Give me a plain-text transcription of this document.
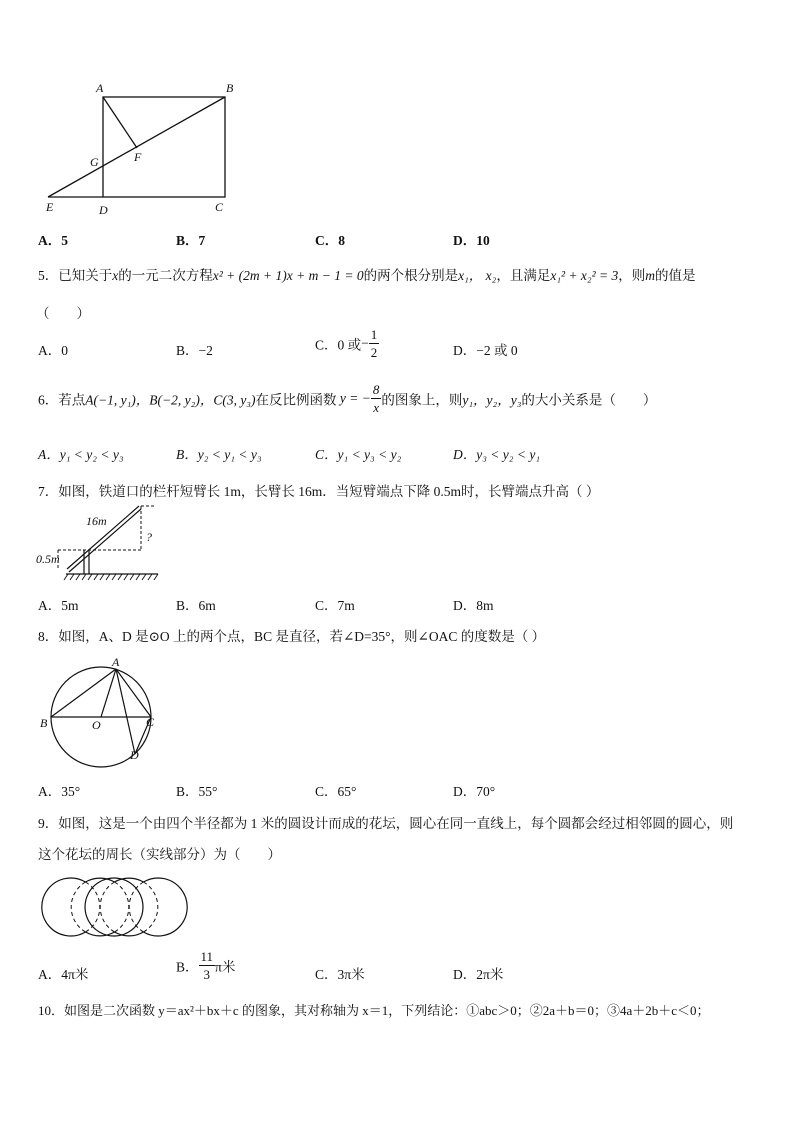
A	B
G	F
E	D	C
A．5	B．7	C．8	D．10
5．已知关于x的一元二次方程x² + (2m + 1)x + m − 1 = 0的两个根分别是x₁， x₂，且满足x₁² + x₂² = 3，则m的值是
（　　）
A．0	B．−2	C．0 或− $\frac{1}{2}$	D．−2 或 0
6．若点A(−1, y₁)，B(−2, y₂)，C(3, y₃)在反比例函数 y = − $\frac{8}{x}$ 的图象上，则y₁，y₂，y₃的大小关系是（　　）
A．y₁ < y₂ < y₃	B．y₂ < y₁ < y₃	C．y₁ < y₃ < y₂	D．y₃ < y₂ < y₁
7．如图，铁道口的栏杆短臂长 1m，长臂长 16m．当短臂端点下降 0.5m时，长臂端点升高（ ）
16m
0.5m
?
A．5m	B．6m	C．7m	D．8m
8．如图，A、D 是⊙O 上的两个点，BC 是直径，若∠D=35°，则∠OAC 的度数是（ ）
A
B	O	C
D
A．35°	B．55°	C．65°	D．70°
9．如图，这是一个由四个半径都为 1 米的圆设计而成的花坛，圆心在同一直线上，每个圆都会经过相邻圆的圆心，则
这个花坛的周长（实线部分）为（　　）
A．4π米	B． $\frac{11}{3}$ π米	C．3π米	D．2π米
10．如图是二次函数 y＝ax²＋bx＋c 的图象，其对称轴为 x＝1，下列结论：①abc＞0；②2a＋b＝0；③4a＋2b＋c＜0；
